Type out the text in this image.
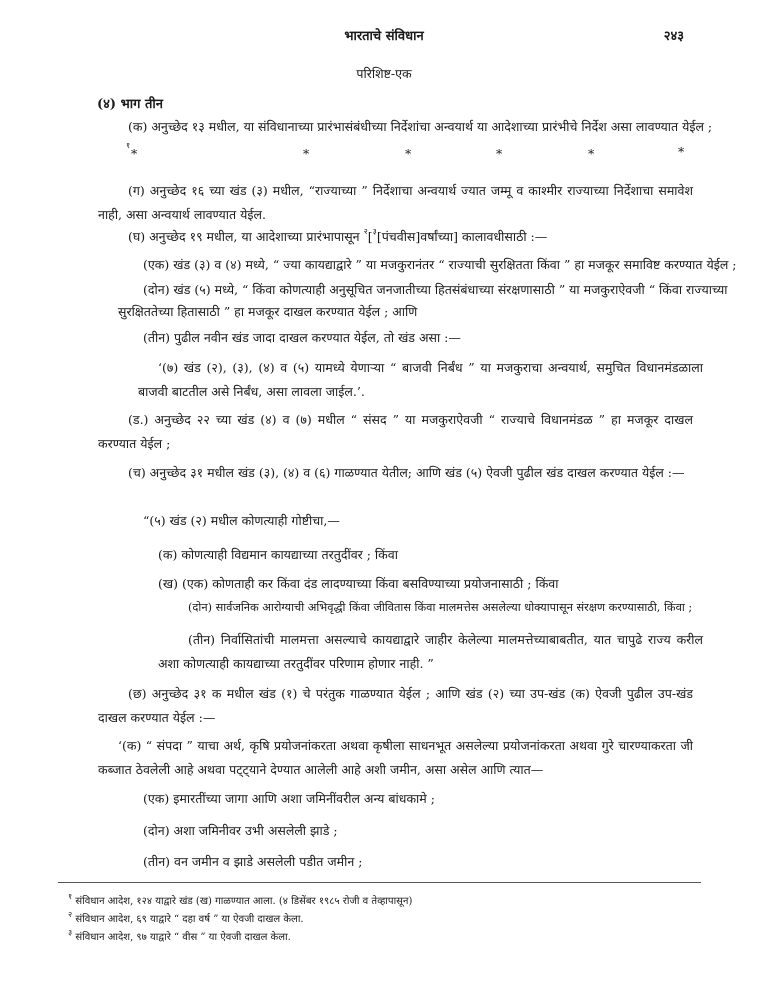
भारताचे संविधान	२४३
परिशिष्ट-एक
(४) भाग तीन
(क) अनुच्छेद १३ मधील, या संविधानाच्या प्रारंभासंबंधीच्या निर्देशांचा अन्वयार्थ या आदेशाच्या प्रारंभीचे निर्देश असा लावण्यात येईल ;
१
*	*	*	*	*	*
(ग) अनुच्छेद १६ च्या खंड (३) मधील, “राज्याच्या ” निर्देशाचा अन्वयार्थ ज्यात जम्मू व काश्मीर राज्याच्या निर्देशाचा समावेश नाही, असा अन्वयार्थ लावण्यात येईल.
(घ) अनुच्छेद १९ मधील, या आदेशाच्या प्रारंभापासून $^२$[$^३$[पंचवीस]वर्षांच्या] कालावधीसाठी :—
(एक) खंड (३) व (४) मध्ये, “ ज्या कायद्याद्वारे ” या मजकुरानंतर “ राज्याची सुरक्षितता किंवा ” हा मजकूर समाविष्ट करण्यात येईल ;
(दोन) खंड (५) मध्ये, “ किंवा कोणत्याही अनुसूचित जनजातीच्या हितसंबंधाच्या संरक्षणासाठी ” या मजकुराऐवजी “ किंवा राज्याच्या
सुरक्षिततेच्या हितासाठी ” हा मजकूर दाखल करण्यात येईल ; आणि
(तीन) पुढील नवीन खंड जादा दाखल करण्यात येईल, तो खंड असा :—
‘(७) खंड (२), (३), (४) व (५) यामध्ये येणाऱ्या “ बाजवी निर्बंध ” या मजकुराचा अन्वयार्थ, समुचित विधानमंडळाला बाजवी बाटतील असे निर्बंध, असा लावला जाईल.’.
(ड.) अनुच्छेद २२ च्या खंड (४) व (७) मधील “ संसद ” या मजकुराऐवजी “ राज्याचे विधानमंडळ ” हा मजकूर दाखल करण्यात येईल ;
(च) अनुच्छेद ३१ मधील खंड (३), (४) व (६) गाळण्यात येतील; आणि खंड (५) ऐवजी पुढील खंड दाखल करण्यात येईल :—
“(५) खंड (२) मधील कोणत्याही गोष्टीचा,—
(क) कोणत्याही विद्यमान कायद्याच्या तरतुदींवर ; किंवा
(ख) (एक) कोणताही कर किंवा दंड लादण्याच्या किंवा बसविण्याच्या प्रयोजनासाठी ; किंवा
(दोन) सार्वजनिक आरोग्याची अभिवृद्धी किंवा जीवितास किंवा मालमत्तेस असलेल्या धोक्यापासून संरक्षण करण्यासाठी, किंवा ;
(तीन) निर्वासितांची मालमत्ता असल्याचे कायद्याद्वारे जाहीर केलेल्या मालमत्तेच्याबाबतीत, यात चापुढे राज्य करील अशा कोणत्याही कायद्याच्या तरतुदींवर परिणाम होणार नाही. ”
(छ) अनुच्छेद ३१ क मधील खंड (१) चे परंतुक गाळण्यात येईल ; आणि खंड (२) च्या उप-खंड (क) ऐवजी पुढील उप-खंड दाखल करण्यात येईल :—
‘(क) “ संपदा ” याचा अर्थ, कृषि प्रयोजनांकरता अथवा कृषीला साधनभूत असलेल्या प्रयोजनांकरता अथवा गुरे चारण्याकरता जी कब्जात ठेवलेली आहे अथवा पट्ट्याने देण्यात आलेली आहे अशी जमीन, असा असेल आणि त्यात—
(एक) इमारतींच्या जागा आणि अशा जमिनींवरील अन्य बांधकामे ;
(दोन) अशा जमिनीवर उभी असलेली झाडे ;
(तीन) वन जमीन व झाडे असलेली पडीत जमीन ;
$^१$ संविधान आदेश, १२४ याद्वारे खंड (ख) गाळण्यात आला. (४ डिसेंबर १९८५ रोजी व तेव्हापासून)
$^२$ संविधान आदेश, ६९ याद्वारे “ दहा वर्ष ” या ऐवजी दाखल केला.
$^३$ संविधान आदेश, ९७ याद्वारे “ वीस ” या ऐवजी दाखल केला.
